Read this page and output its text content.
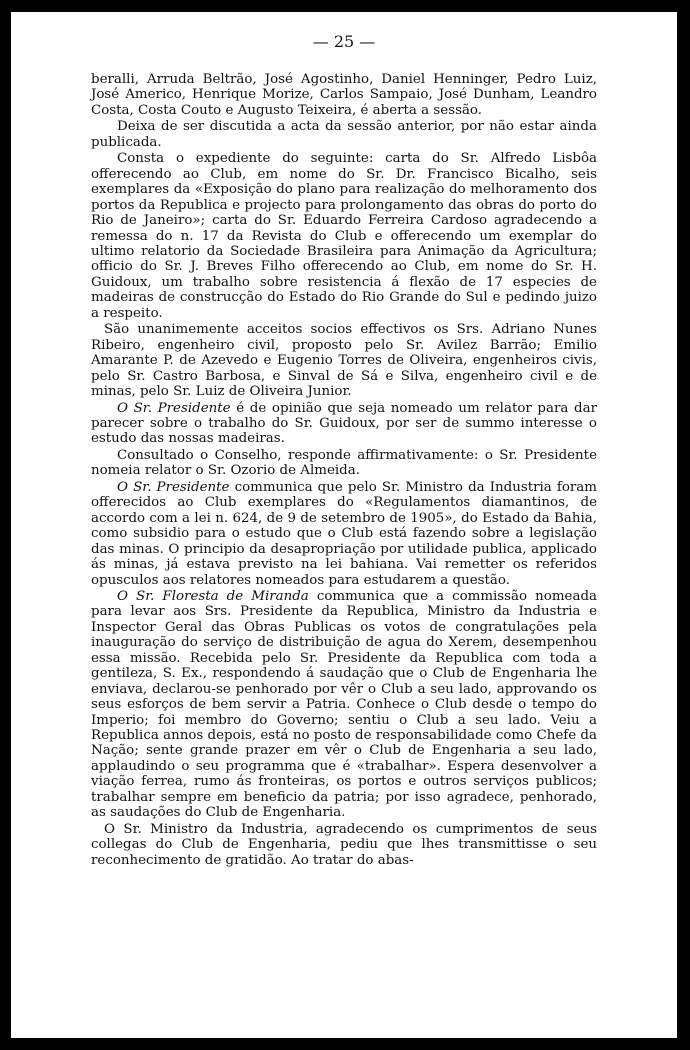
— 25 —

beralli, Arruda Beltrão, José Agostinho, Daniel Henninger, Pedro Luiz, José Americo, Henrique Morize, Carlos Sampaio, José Dunham, Leandro Costa, Costa Couto e Augusto Teixeira, é aberta a sessão.

Deixa de ser discutida a acta da sessão anterior, por não estar ainda publicada.

Consta o expediente do seguinte: carta do Sr. Alfredo Lisbôa offerecendo ao Club, em nome do Sr. Dr. Francisco Bicalho, seis exemplares da «Exposição do plano para realização do melhoramento dos portos da Republica e projecto para prolongamento das obras do porto do Rio de Janeiro»; carta do Sr. Eduardo Ferreira Cardoso agradecendo a remessa do n. 17 da Revista do Club e offerecendo um exemplar do ultimo relatorio da Sociedade Brasileira para Animação da Agricultura; officio do Sr. J. Breves Filho offerecendo ao Club, em nome do Sr. H. Guidoux, um trabalho sobre resistencia á flexão de 17 especies de madeiras de construcção do Estado do Rio Grande do Sul e pedindo juizo a respeito.

São unanimemente acceitos socios effectivos os Srs. Adriano Nunes Ribeiro, engenheiro civil, proposto pelo Sr. Avilez Barrão; Emilio Amarante P. de Azevedo e Eugenio Torres de Oliveira, engenheiros civis, pelo Sr. Castro Barbosa, e Sinval de Sá e Silva, engenheiro civil e de minas, pelo Sr. Luiz de Oliveira Junior.

O Sr. Presidente é de opinião que seja nomeado um relator para dar parecer sobre o trabalho do Sr. Guidoux, por ser de summo interesse o estudo das nossas madeiras.

Consultado o Conselho, responde affirmativamente: o Sr. Presidente nomeia relator o Sr. Ozorio de Almeida.

O Sr. Presidente communica que pelo Sr. Ministro da Industria foram offerecidos ao Club exemplares do «Regulamentos diamantinos, de accordo com a lei n. 624, de 9 de setembro de 1905», do Estado da Bahia, como subsidio para o estudo que o Club está fazendo sobre a legislação das minas. O principio da desapropriação por utilidade publica, applicado ás minas, já estava previsto na lei bahiana. Vai remetter os referidos opusculos aos relatores nomeados para estudarem a questão.

O Sr. Floresta de Miranda communica que a commissão nomeada para levar aos Srs. Presidente da Republica, Ministro da Industria e Inspector Geral das Obras Publicas os votos de congratulações pela inauguração do serviço de distribuição de agua do Xerem, desempenhou essa missão. Recebida pelo Sr. Presidente da Republica com toda a gentileza, S. Ex., respondendo á saudação que o Club de Engenharia lhe enviava, declarou-se penhorado por vêr o Club a seu lado, approvando os seus esforços de bem servir a Patria. Conhece o Club desde o tempo do Imperio; foi membro do Governo; sentiu o Club a seu lado. Veiu a Republica annos depois, está no posto de responsabilidade como Chefe da Nação; sente grande prazer em vêr o Club de Engenharia a seu lado, applaudindo o seu programma que é «trabalhar». Espera desenvolver a viação ferrea, rumo ás fronteiras, os portos e outros serviços publicos; trabalhar sempre em beneficio da patria; por isso agradece, penhorado, as saudações do Club de Engenharia.

O Sr. Ministro da Industria, agradecendo os cumprimentos de seus collegas do Club de Engenharia, pediu que lhes transmittisse o seu reconhecimento de gratidão. Ao tratar do abas-
